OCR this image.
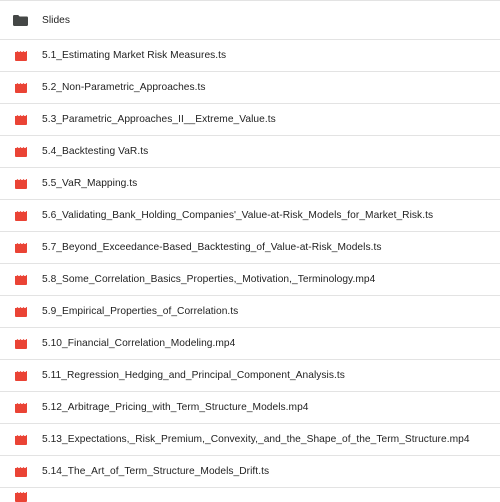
Slides
5.1_Estimating Market Risk Measures.ts
5.2_Non-Parametric_Approaches.ts
5.3_Parametric_Approaches_II__Extreme_Value.ts
5.4_Backtesting VaR.ts
5.5_VaR_Mapping.ts
5.6_Validating_Bank_Holding_Companies'_Value-at-Risk_Models_for_Market_Risk.ts
5.7_Beyond_Exceedance-Based_Backtesting_of_Value-at-Risk_Models.ts
5.8_Some_Correlation_Basics_Properties,_Motivation,_Terminology.mp4
5.9_Empirical_Properties_of_Correlation.ts
5.10_Financial_Correlation_Modeling.mp4
5.11_Regression_Hedging_and_Principal_Component_Analysis.ts
5.12_Arbitrage_Pricing_with_Term_Structure_Models.mp4
5.13_Expectations,_Risk_Premium,_Convexity,_and_the_Shape_of_the_Term_Structure.mp4
5.14_The_Art_of_Term_Structure_Models_Drift.ts
